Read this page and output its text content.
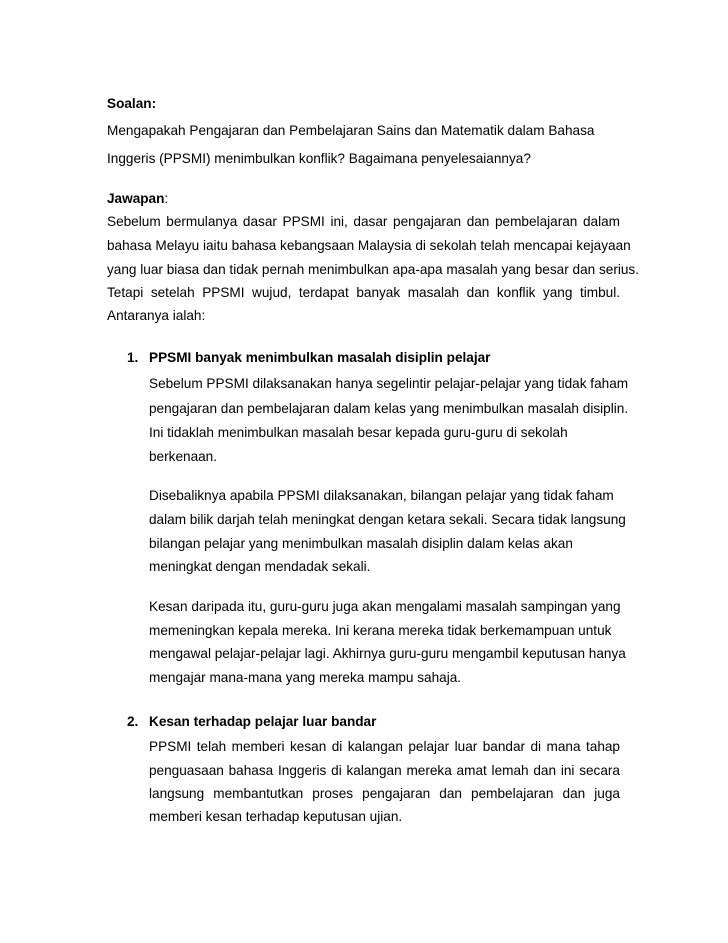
Soalan:
Mengapakah Pengajaran dan Pembelajaran Sains dan Matematik dalam Bahasa
Inggeris (PPSMI) menimbulkan konflik? Bagaimana penyelesaiannya?
Jawapan:
Sebelum bermulanya dasar PPSMI ini, dasar pengajaran dan pembelajaran dalam
bahasa Melayu iaitu bahasa kebangsaan Malaysia di sekolah telah mencapai kejayaan
yang luar biasa dan tidak pernah menimbulkan apa-apa masalah yang besar dan serius.
Tetapi setelah PPSMI wujud, terdapat banyak masalah dan konflik yang timbul.
Antaranya ialah:
1. PPSMI banyak menimbulkan masalah disiplin pelajar
Sebelum PPSMI dilaksanakan hanya segelintir pelajar-pelajar yang tidak faham
pengajaran dan pembelajaran dalam kelas yang menimbulkan masalah disiplin.
Ini tidaklah menimbulkan masalah besar kepada guru-guru di sekolah
berkenaan.
Disebaliknya apabila PPSMI dilaksanakan, bilangan pelajar yang tidak faham
dalam bilik darjah telah meningkat dengan ketara sekali. Secara tidak langsung
bilangan pelajar yang menimbulkan masalah disiplin dalam kelas akan
meningkat dengan mendadak sekali.
Kesan daripada itu, guru-guru juga akan mengalami masalah sampingan yang
memeningkan kepala mereka. Ini kerana mereka tidak berkemampuan untuk
mengawal pelajar-pelajar lagi. Akhirnya guru-guru mengambil keputusan hanya
mengajar mana-mana yang mereka mampu sahaja.
2. Kesan terhadap pelajar luar bandar
PPSMI telah memberi kesan di kalangan pelajar luar bandar di mana tahap
penguasaan bahasa Inggeris di kalangan mereka amat lemah dan ini secara
langsung membantutkan proses pengajaran dan pembelajaran dan juga
memberi kesan terhadap keputusan ujian.
